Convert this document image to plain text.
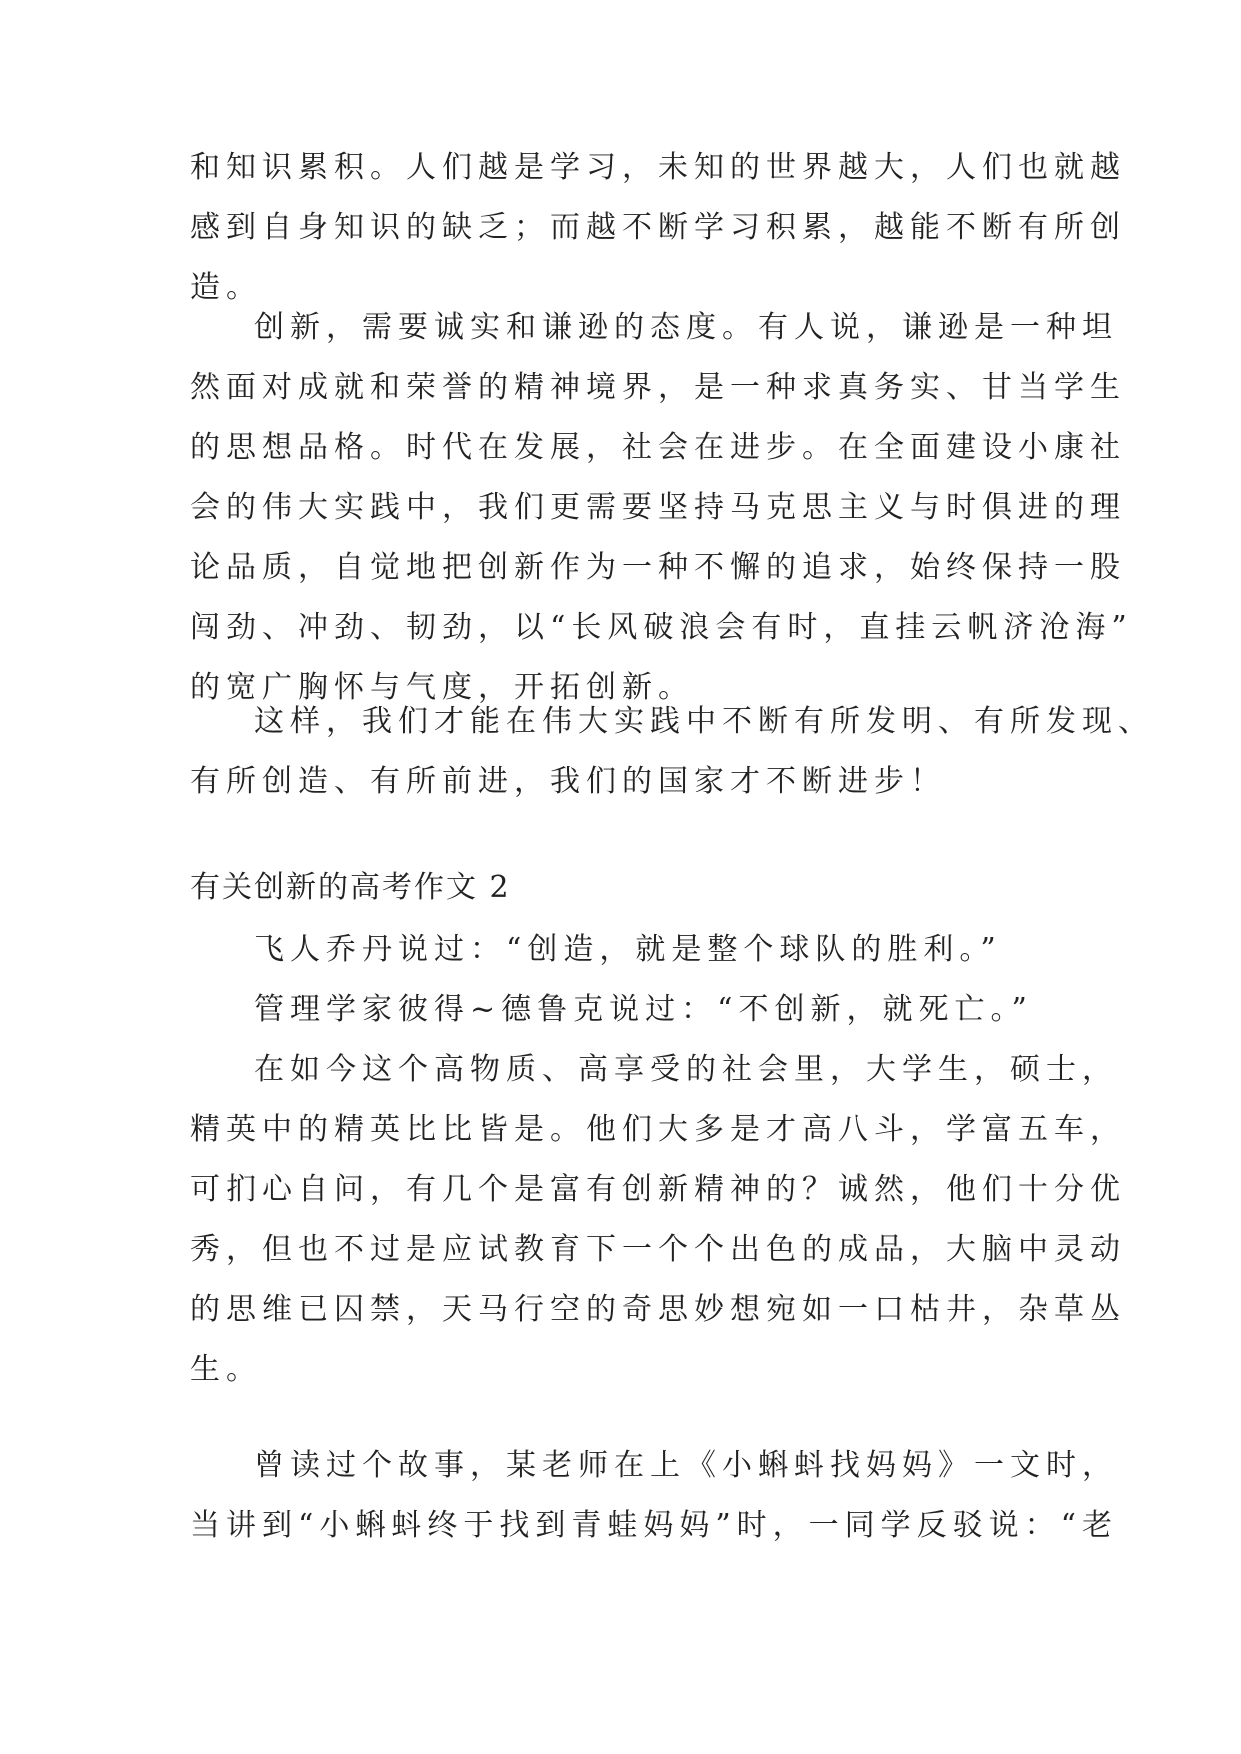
和知识累积。人们越是学习，未知的世界越大，人们也就越
感到自身知识的缺乏；而越不断学习积累，越能不断有所创
造。
创新，需要诚实和谦逊的态度。有人说，谦逊是一种坦
然面对成就和荣誉的精神境界，是一种求真务实、甘当学生
的思想品格。时代在发展，社会在进步。在全面建设小康社
会的伟大实践中，我们更需要坚持马克思主义与时俱进的理
论品质，自觉地把创新作为一种不懈的追求，始终保持一股
闯劲、冲劲、韧劲，以“长风破浪会有时，直挂云帆济沧海”
的宽广胸怀与气度，开拓创新。
这样，我们才能在伟大实践中不断有所发明、有所发现、
有所创造、有所前进，我们的国家才不断进步！
有关创新的高考作文 2
飞人乔丹说过：“创造，就是整个球队的胜利。”
管理学家彼得~德鲁克说过：“不创新，就死亡。”
在如今这个高物质、高享受的社会里，大学生，硕士，
精英中的精英比比皆是。他们大多是才高八斗，学富五车，
可扪心自问，有几个是富有创新精神的？诚然，他们十分优
秀，但也不过是应试教育下一个个出色的成品，大脑中灵动
的思维已囚禁，天马行空的奇思妙想宛如一口枯井，杂草丛
生。
曾读过个故事，某老师在上《小蝌蚪找妈妈》一文时，
当讲到“小蝌蚪终于找到青蛙妈妈”时，一同学反驳说：“老
